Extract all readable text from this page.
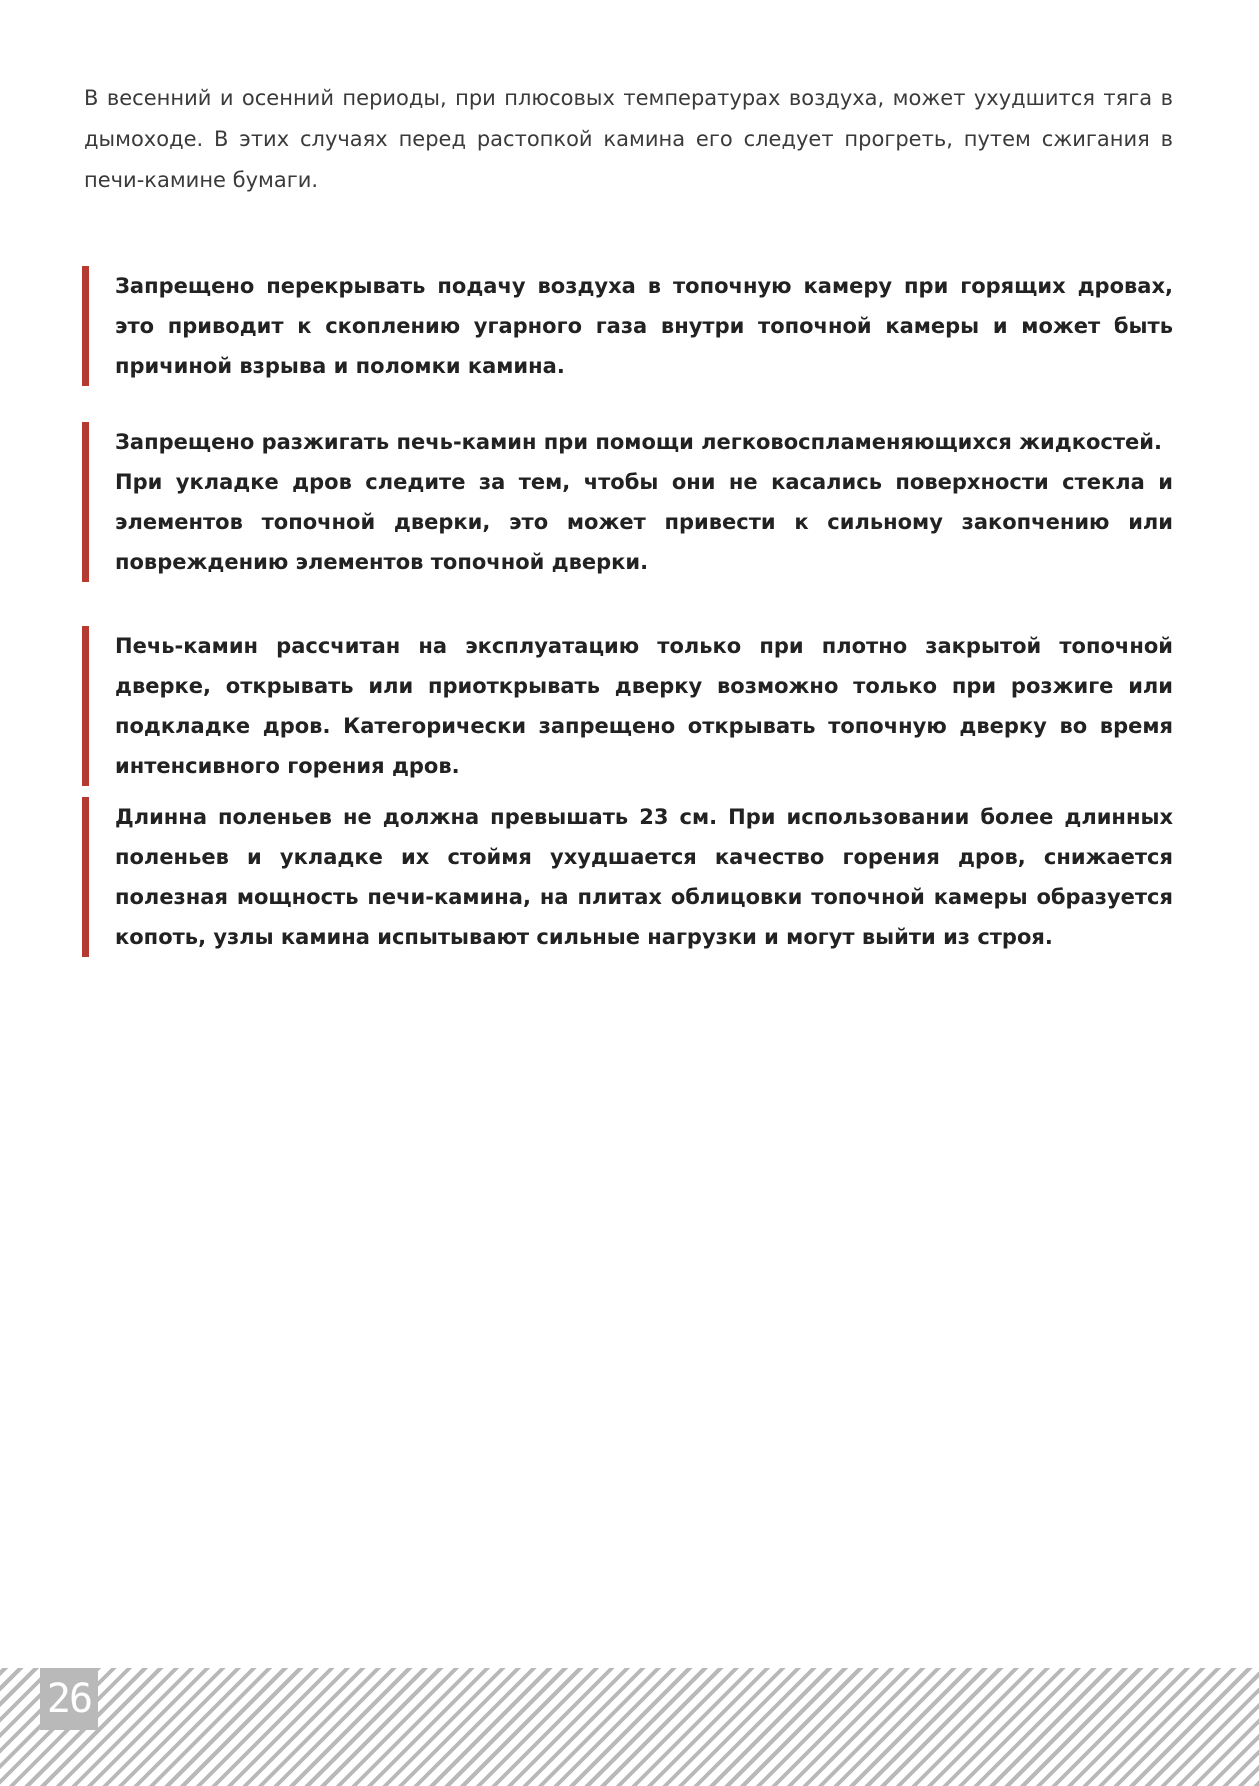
В весенний и осенний периоды, при плюсовых температурах воздуха, может ухудшится тяга в дымоходе. В этих случаях перед растопкой камина его следует прогреть, путем сжигания в печи-камине бумаги.

Запрещено перекрывать подачу воздуха в топочную камеру при горящих дровах, это приводит к скоплению угарного газа внутри топочной камеры и может быть причиной взрыва и поломки камина.

Запрещено разжигать печь-камин при помощи легковоспламеняющихся жидкостей.

При укладке дров следите за тем, чтобы они не касались поверхности стекла и элементов топочной дверки, это может привести к сильному закопчению или повреждению элементов топочной дверки.

Печь-камин рассчитан на эксплуатацию только при плотно закрытой топочной дверке, открывать или приоткрывать дверку возможно только при розжиге или подкладке дров. Категорически запрещено открывать топочную дверку во время интенсивного горения дров.

Длинна поленьев не должна превышать 23 см. При использовании более длинных поленьев и укладке их стоймя ухудшается качество горения дров, снижается полезная мощность печи-камина, на плитах облицовки топочной камеры образуется копоть, узлы камина испытывают сильные нагрузки и могут выйти из строя.

26
